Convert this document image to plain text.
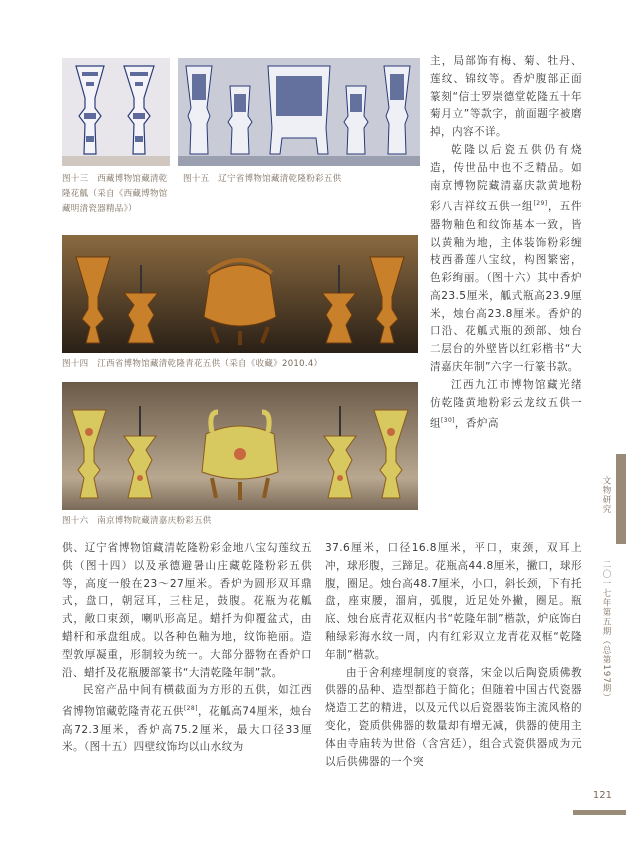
图十三　西藏博物馆藏清乾隆花觚（采自《西藏博物馆藏明清瓷器精品》）
图十五　辽宁省博物馆藏清乾隆粉彩五供
图十四　江西省博物馆藏清乾隆青花五供（采自《收藏》2010.4）
图十六　南京博物院藏清嘉庆粉彩五供

主，局部饰有梅、菊、牡丹、莲纹、锦纹等。香炉腹部正面篆刻“信士罗崇德堂乾隆五十年菊月立”等款字，前面题字被磨掉，内容不详。

乾隆以后瓷五供仍有烧造，传世品中也不乏精品。如南京博物院藏清嘉庆款黄地粉彩八吉祥纹五供一组[29]，五件器物釉色和纹饰基本一致，皆以黄釉为地，主体装饰粉彩缠枝西番莲八宝纹，构图繁密，色彩绚丽。（图十六）其中香炉高23.5厘米，觚式瓶高23.9厘米，烛台高23.8厘米。香炉的口沿、花觚式瓶的颈部、烛台二层台的外壁皆以红彩楷书“大清嘉庆年制”六字一行篆书款。

江西九江市博物馆藏光绪仿乾隆黄地粉彩云龙纹五供一组[30]，香炉高

供、辽宁省博物馆藏清乾隆粉彩金地八宝勾莲纹五供（图十四）以及承德避暑山庄藏乾隆粉彩五供等，高度一般在23～27厘米。香炉为圆形双耳鼎式，盘口，朝冠耳，三柱足，鼓腹。花瓶为花觚式，敞口束颈，喇叭形高足。蜡扦为仰覆盆式，由蜡杆和承盘组成。以各种色釉为地，纹饰艳丽。造型敦厚凝重，形制较为统一。大部分器物在香炉口沿、蜡扦及花瓶腰部篆书“大清乾隆年制”款。

民窑产品中间有横截面为方形的五供，如江西省博物馆藏乾隆青花五供[28]，花觚高74厘米，烛台高72.3厘米，香炉高75.2厘米，最大口径33厘米。（图十五）四壁纹饰均以山水纹为

37.6厘米，口径16.8厘米，平口，束颈，双耳上冲，球形腹，三蹄足。花瓶高44.8厘米，撇口，球形腹，圈足。烛台高48.7厘米，小口，斜长颈，下有托盘，座束腰，溜肩，弧腹，近足处外撇，圈足。瓶底、烛台底青花双框内书“乾隆年制”楷款，炉底饰白釉绿彩海水纹一周，内有红彩双立龙青花双框“乾隆年制”楷款。

由于舍利瘗埋制度的衰落，宋金以后陶瓷质佛教供器的品种、造型都趋于简化；但随着中国古代瓷器烧造工艺的精进，以及元代以后瓷器装饰主流风格的变化，瓷质供佛器的数量却有增无减，供器的使用主体由寺庙转为世俗（含宫廷），组合式瓷供器成为元以后供佛器的一个突

文物研究
二〇一七年第五期（总第197期）
121
